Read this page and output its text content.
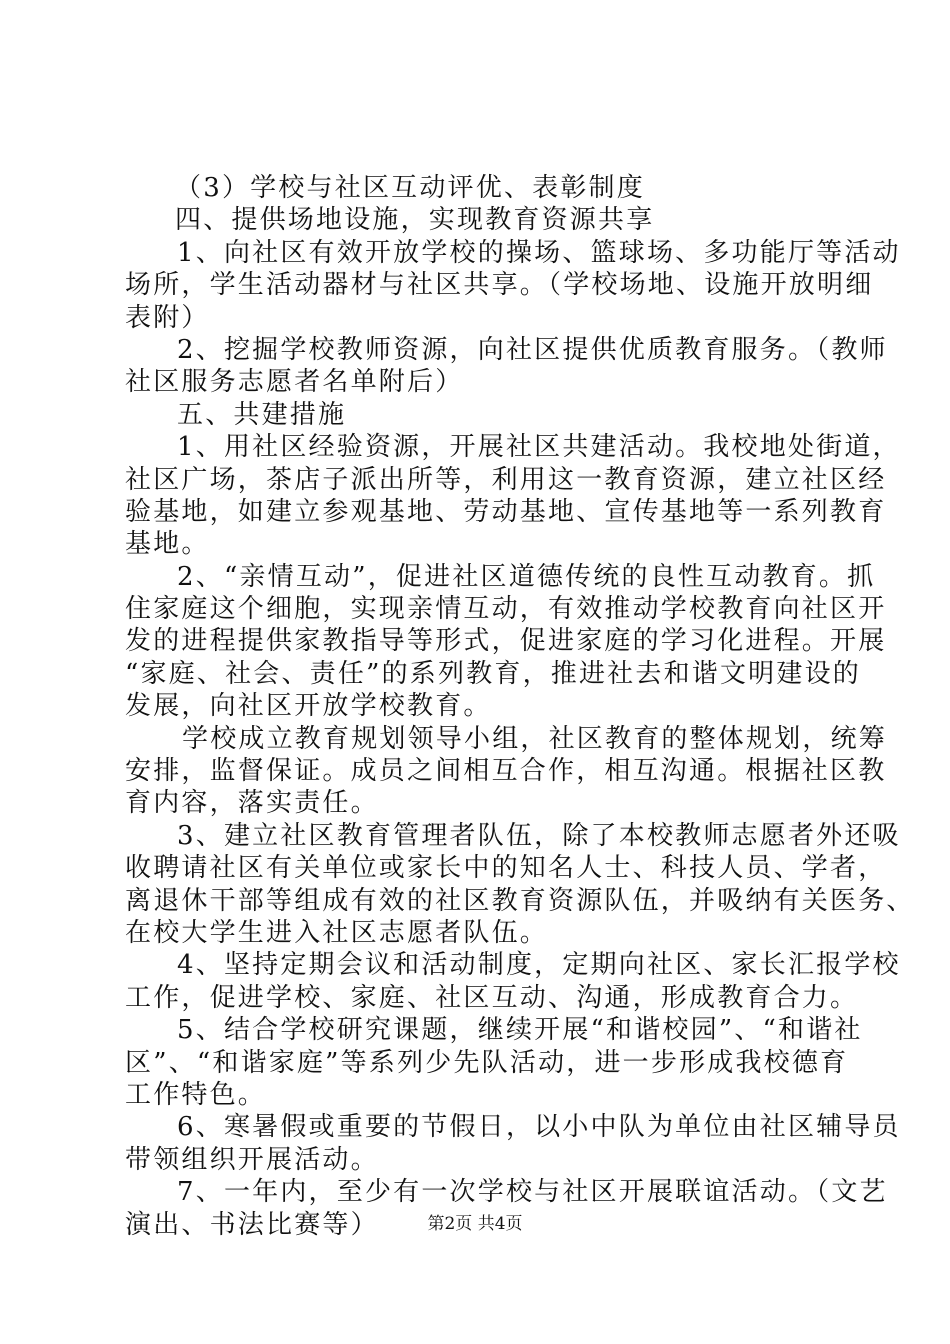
（3）学校与社区互动评优、表彰制度
四、提供场地设施，实现教育资源共享
1、向社区有效开放学校的操场、篮球场、多功能厅等活动
场所，学生活动器材与社区共享。（学校场地、设施开放明细
表附）
2、挖掘学校教师资源，向社区提供优质教育服务。（教师
社区服务志愿者名单附后）
五、共建措施
1、用社区经验资源，开展社区共建活动。我校地处街道，
社区广场，茶店子派出所等，利用这一教育资源，建立社区经
验基地，如建立参观基地、劳动基地、宣传基地等一系列教育
基地。
2、“亲情互动”，促进社区道德传统的良性互动教育。抓
住家庭这个细胞，实现亲情互动，有效推动学校教育向社区开
发的进程提供家教指导等形式，促进家庭的学习化进程。开展
“家庭、社会、责任”的系列教育，推进社去和谐文明建设的
发展，向社区开放学校教育。
学校成立教育规划领导小组，社区教育的整体规划，统筹
安排，监督保证。成员之间相互合作，相互沟通。根据社区教
育内容，落实责任。
3、建立社区教育管理者队伍，除了本校教师志愿者外还吸
收聘请社区有关单位或家长中的知名人士、科技人员、学者，
离退休干部等组成有效的社区教育资源队伍，并吸纳有关医务、
在校大学生进入社区志愿者队伍。
4、坚持定期会议和活动制度，定期向社区、家长汇报学校
工作，促进学校、家庭、社区互动、沟通，形成教育合力。
5、结合学校研究课题，继续开展“和谐校园”、“和谐社
区”、“和谐家庭”等系列少先队活动，进一步形成我校德育
工作特色。
6、寒暑假或重要的节假日，以小中队为单位由社区辅导员
带领组织开展活动。
7、一年内，至少有一次学校与社区开展联谊活动。（文艺
演出、书法比赛等）	第2页 共4页
